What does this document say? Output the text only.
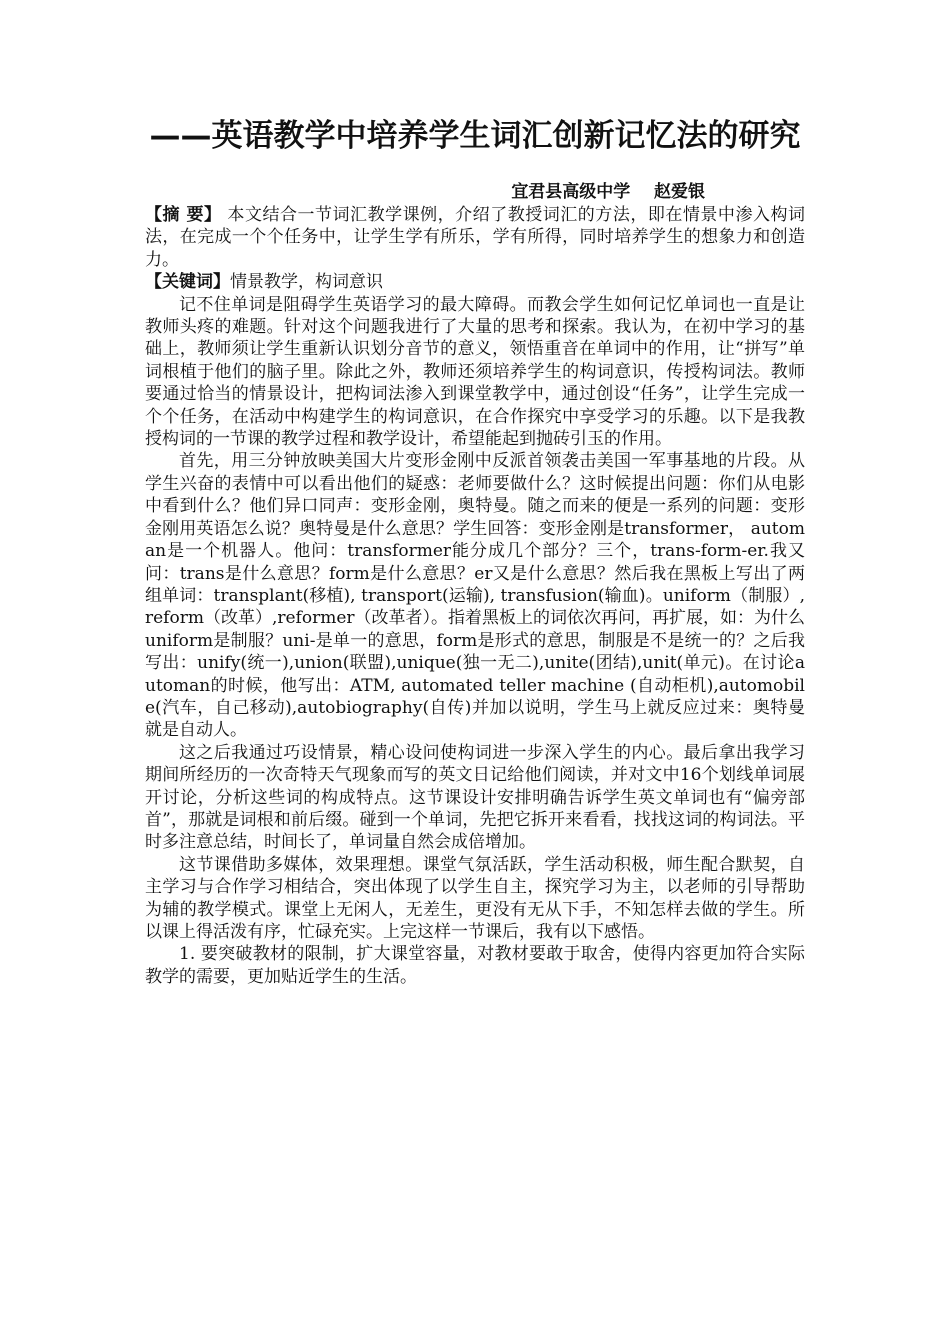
——英语教学中培养学生词汇创新记忆法的研究
宜君县高级中学    赵爱银

【摘 要】 本文结合一节词汇教学课例，介绍了教授词汇的方法，即在情景中渗入构词法，在完成一个个任务中，让学生学有所乐，学有所得，同时培养学生的想象力和创造力。

【关键词】情景教学，构词意识

记不住单词是阻碍学生英语学习的最大障碍。而教会学生如何记忆单词也一直是让教师头疼的难题。针对这个问题我进行了大量的思考和探索。我认为，在初中学习的基础上，教师须让学生重新认识划分音节的意义，领悟重音在单词中的作用，让“拼写”单词根植于他们的脑子里。除此之外，教师还须培养学生的构词意识，传授构词法。教师要通过恰当的情景设计，把构词法渗入到课堂教学中，通过创设“任务”，让学生完成一个个任务，在活动中构建学生的构词意识，在合作探究中享受学习的乐趣。以下是我教授构词的一节课的教学过程和教学设计，希望能起到抛砖引玉的作用。

首先，用三分钟放映美国大片变形金刚中反派首领袭击美国一军事基地的片段。从学生兴奋的表情中可以看出他们的疑惑：老师要做什么？这时候提出问题：你们从电影中看到什么？他们异口同声：变形金刚，奥特曼。随之而来的便是一系列的问题：变形金刚用英语怎么说？奥特曼是什么意思？学生回答：变形金刚是transformer， automan是一个机器人。他问：transformer能分成几个部分？三个，trans-form-er.我又问：trans是什么意思？form是什么意思？er又是什么意思？然后我在黑板上写出了两组单词：transplant(移植), transport(运输), transfusion(输血)。uniform（制服）,reform（改革）,reformer（改革者）。指着黑板上的词依次再问，再扩展，如：为什么uniform是制服？uni-是单一的意思，form是形式的意思，制服是不是统一的？之后我写出：unify(统一),union(联盟),unique(独一无二),unite(团结),unit(单元)。在讨论automan的时候，他写出：ATM, automated teller machine (自动柜机),automobile(汽车，自己移动),autobiography(自传)并加以说明，学生马上就反应过来：奥特曼就是自动人。

这之后我通过巧设情景，精心设问使构词进一步深入学生的内心。最后拿出我学习期间所经历的一次奇特天气现象而写的英文日记给他们阅读，并对文中16个划线单词展开讨论，分析这些词的构成特点。这节课设计安排明确告诉学生英文单词也有“偏旁部首”，那就是词根和前后缀。碰到一个单词，先把它拆开来看看，找找这词的构词法。平时多注意总结，时间长了，单词量自然会成倍增加。

这节课借助多媒体，效果理想。课堂气氛活跃，学生活动积极，师生配合默契，自主学习与合作学习相结合，突出体现了以学生自主，探究学习为主，以老师的引导帮助为辅的教学模式。课堂上无闲人，无差生，更没有无从下手，不知怎样去做的学生。所以课上得活泼有序，忙碌充实。上完这样一节课后，我有以下感悟。

1. 要突破教材的限制，扩大课堂容量，对教材要敢于取舍，使得内容更加符合实际教学的需要，更加贴近学生的生活。
